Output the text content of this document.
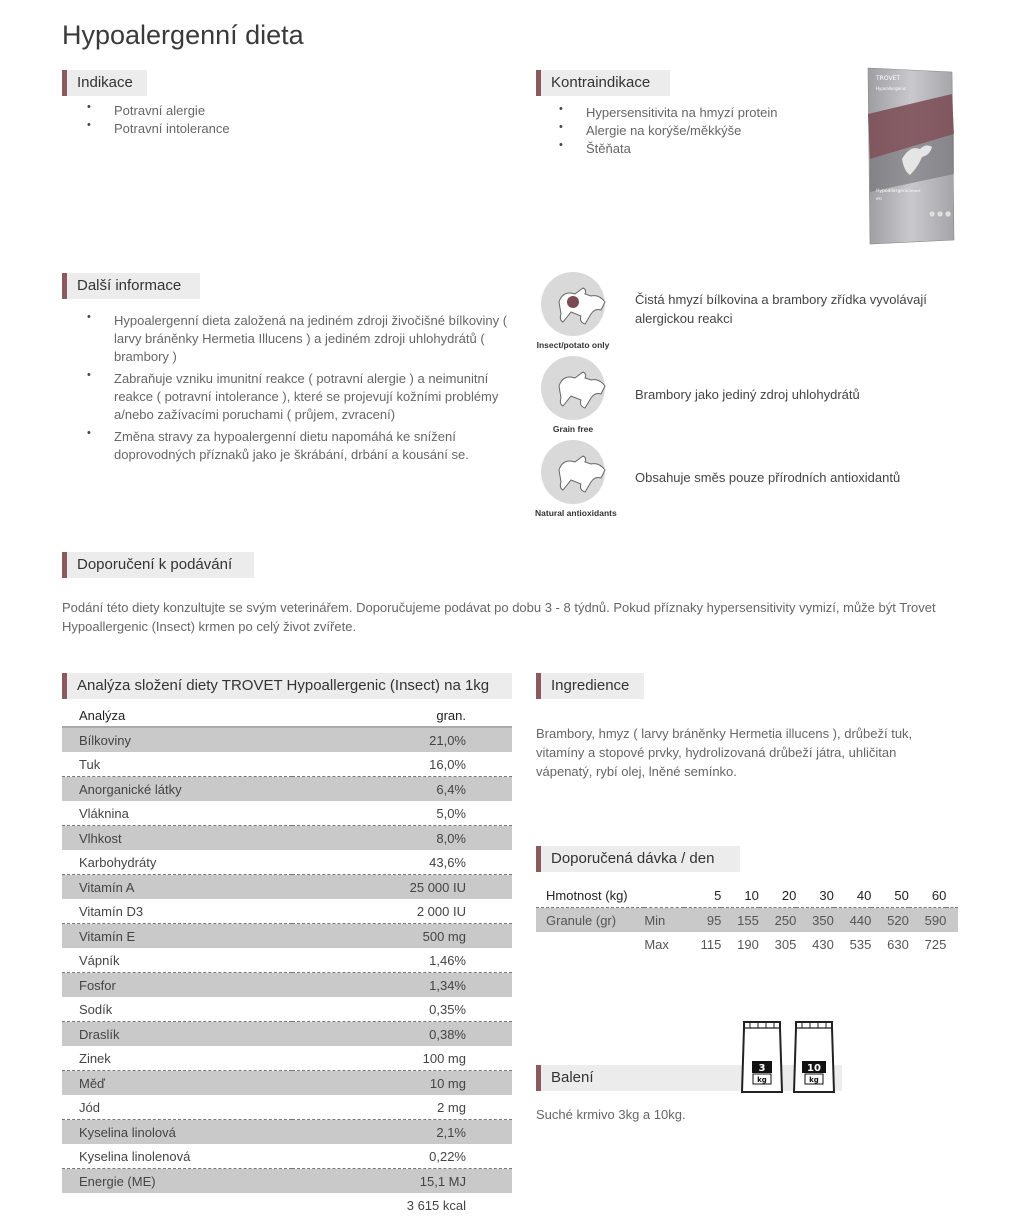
Hypoalergenní dieta
Indikace
• Potravní alergie
• Potravní intolerance
Kontraindikace
• Hypersensitivita na hmyzí protein
• Alergie na korýše/měkkýše
• Štěňata
TROVET
Hypoallergenic
Hypoallergenic Insect
IPD
Další informace
• Hypoalergenní dieta založená na jediném zdroji živočišné bílkoviny ( larvy bráněnky Hermetia Illucens ) a jediném zdroji uhlohydrátů ( brambory )
• Zabraňuje vzniku imunitní reakce ( potravní alergie ) a neimunitní reakce ( potravní intolerance ), které se projevují kožními problémy a/nebo zažívacími poruchami ( průjem, zvracení)
• Změna stravy za hypoalergenní dietu napomáhá ke snížení doprovodných příznaků jako je škrábání, drbání a kousání se.
Insect/potato only
Čistá hmyzí bílkovina a brambory zřídka vyvolávají alergickou reakci
Grain free
Brambory jako jediný zdroj uhlohydrátů
Natural antioxidants
Obsahuje směs pouze přírodních antioxidantů
Doporučení k podávání
Podání této diety konzultujte se svým veterinářem. Doporučujeme podávat po dobu 3 - 8 týdnů. Pokud příznaky hypersensitivity vymizí, může být Trovet Hypoallergenic (Insect) krmen po celý život zvířete.
Analýza složení diety TROVET Hypoallergenic (Insect) na 1kg
Analýza	gran.
Bílkoviny	21,0%
Tuk	16,0%
Anorganické látky	6,4%
Vláknina	5,0%
Vlhkost	8,0%
Karbohydráty	43,6%
Vitamín A	25 000 IU
Vitamín D3	2 000 IU
Vitamín E	500 mg
Vápník	1,46%
Fosfor	1,34%
Sodík	0,35%
Draslík	0,38%
Zinek	100 mg
Měď	10 mg
Jód	2 mg
Kyselina linolová	2,1%
Kyselina linolenová	0,22%
Energie (ME)	15,1 MJ
	3 615 kcal
Ingredience
Brambory, hmyz ( larvy bráněnky Hermetia illucens ), drůbeží tuk, vitamíny a stopové prvky, hydrolizovaná drůbeží játra, uhličitan vápenatý, rybí olej, lněné semínko.
Doporučená dávka / den
Hmotnost (kg)		5	10	20	30	40	50	60	
Granule (gr)	Min	95	155	250	350	440	520	590	
	Max	115	190	305	430	535	630	725	
Balení
3
kg
10
kg
Suché krmivo 3kg a 10kg.
